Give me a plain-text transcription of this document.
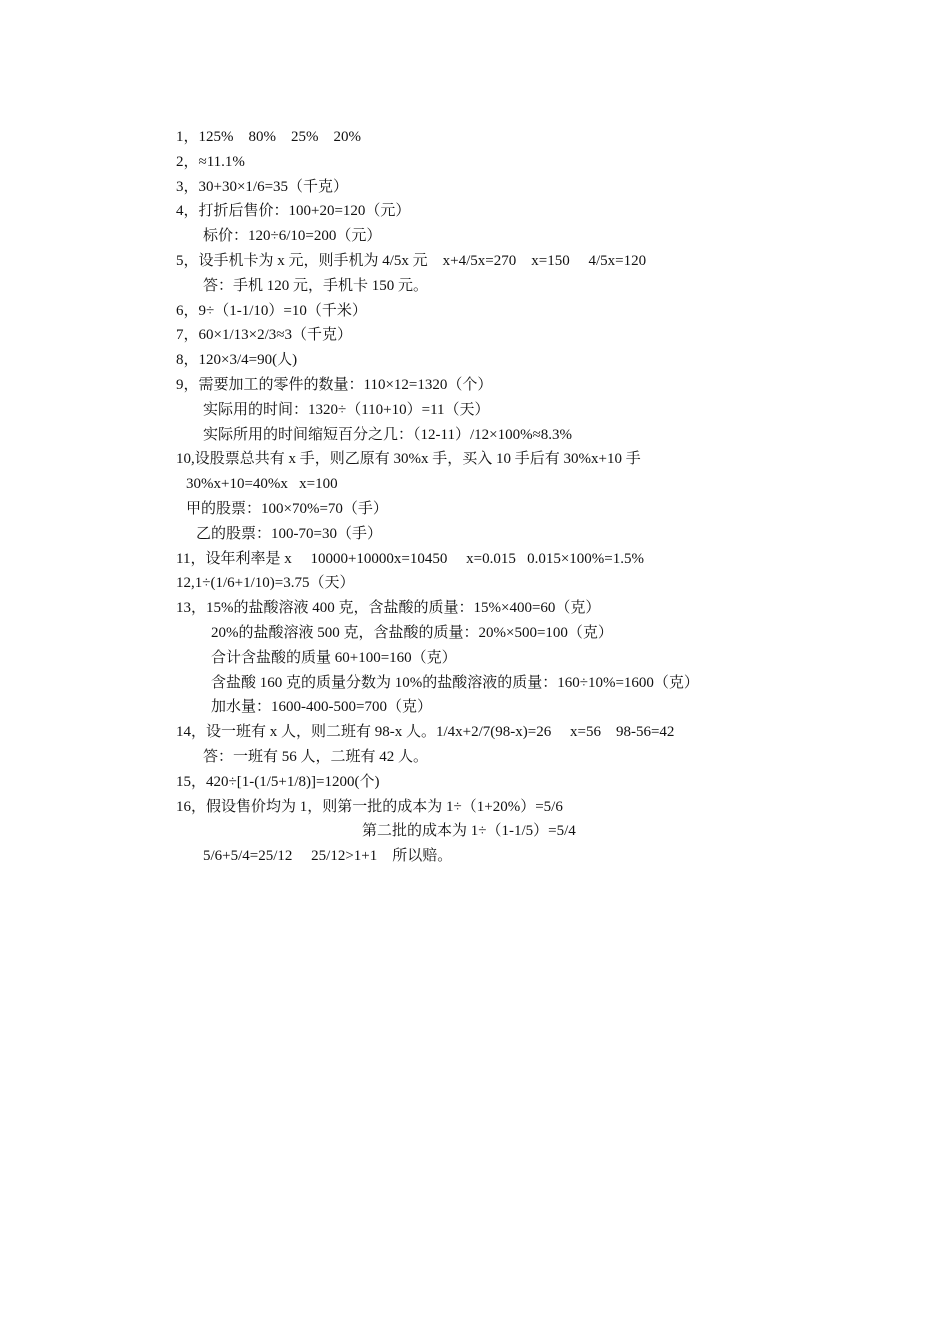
1，125%    80%    25%    20%
2，≈11.1%
3，30+30×1/6=35（千克）
4，打折后售价：100+20=120（元）
标价：120÷6/10=200（元）
5，设手机卡为 x 元，则手机为 4/5x 元    x+4/5x=270    x=150     4/5x=120
答：手机 120 元，手机卡 150 元。
6，9÷（1-1/10）=10（千米）
7，60×1/13×2/3≈3（千克）
8，120×3/4=90(人)
9，需要加工的零件的数量：110×12=1320（个）
实际用的时间：1320÷（110+10）=11（天）
实际所用的时间缩短百分之几：（12-11）/12×100%≈8.3%
10,设股票总共有 x 手，则乙原有 30%x 手，买入 10 手后有 30%x+10 手
30%x+10=40%x   x=100
甲的股票：100×70%=70（手）
乙的股票：100-70=30（手）
11，设年利率是 x     10000+10000x=10450     x=0.015   0.015×100%=1.5%
12,1÷(1/6+1/10)=3.75（天）
13，15%的盐酸溶液 400 克，含盐酸的质量：15%×400=60（克）
20%的盐酸溶液 500 克，含盐酸的质量：20%×500=100（克）
合计含盐酸的质量 60+100=160（克）
含盐酸 160 克的质量分数为 10%的盐酸溶液的质量：160÷10%=1600（克）
加水量：1600-400-500=700（克）
14，设一班有 x 人，则二班有 98-x 人。1/4x+2/7(98-x)=26     x=56    98-56=42
答：一班有 56 人，二班有 42 人。
15，420÷[1-(1/5+1/8)]=1200(个)
16，假设售价均为 1，则第一批的成本为 1÷（1+20%）=5/6
第二批的成本为 1÷（1-1/5）=5/4
5/6+5/4=25/12     25/12>1+1    所以赔。
